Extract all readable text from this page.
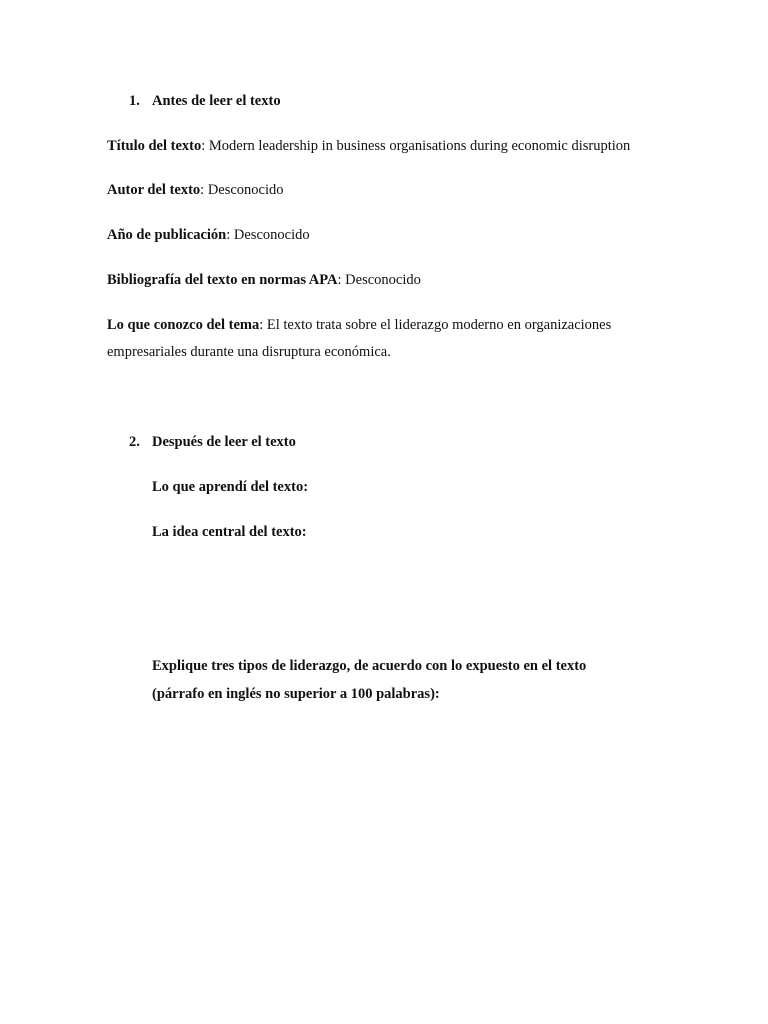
1. Antes de leer el texto
Título del texto: Modern leadership in business organisations during economic disruption
Autor del texto: Desconocido
Año de publicación: Desconocido
Bibliografía del texto en normas APA: Desconocido
Lo que conozco del tema: El texto trata sobre el liderazgo moderno en organizaciones
empresariales durante una disruptura económica.
2. Después de leer el texto
Lo que aprendí del texto:
La idea central del texto:
Explique tres tipos de liderazgo, de acuerdo con lo expuesto en el texto
(párrafo en inglés no superior a 100 palabras):
